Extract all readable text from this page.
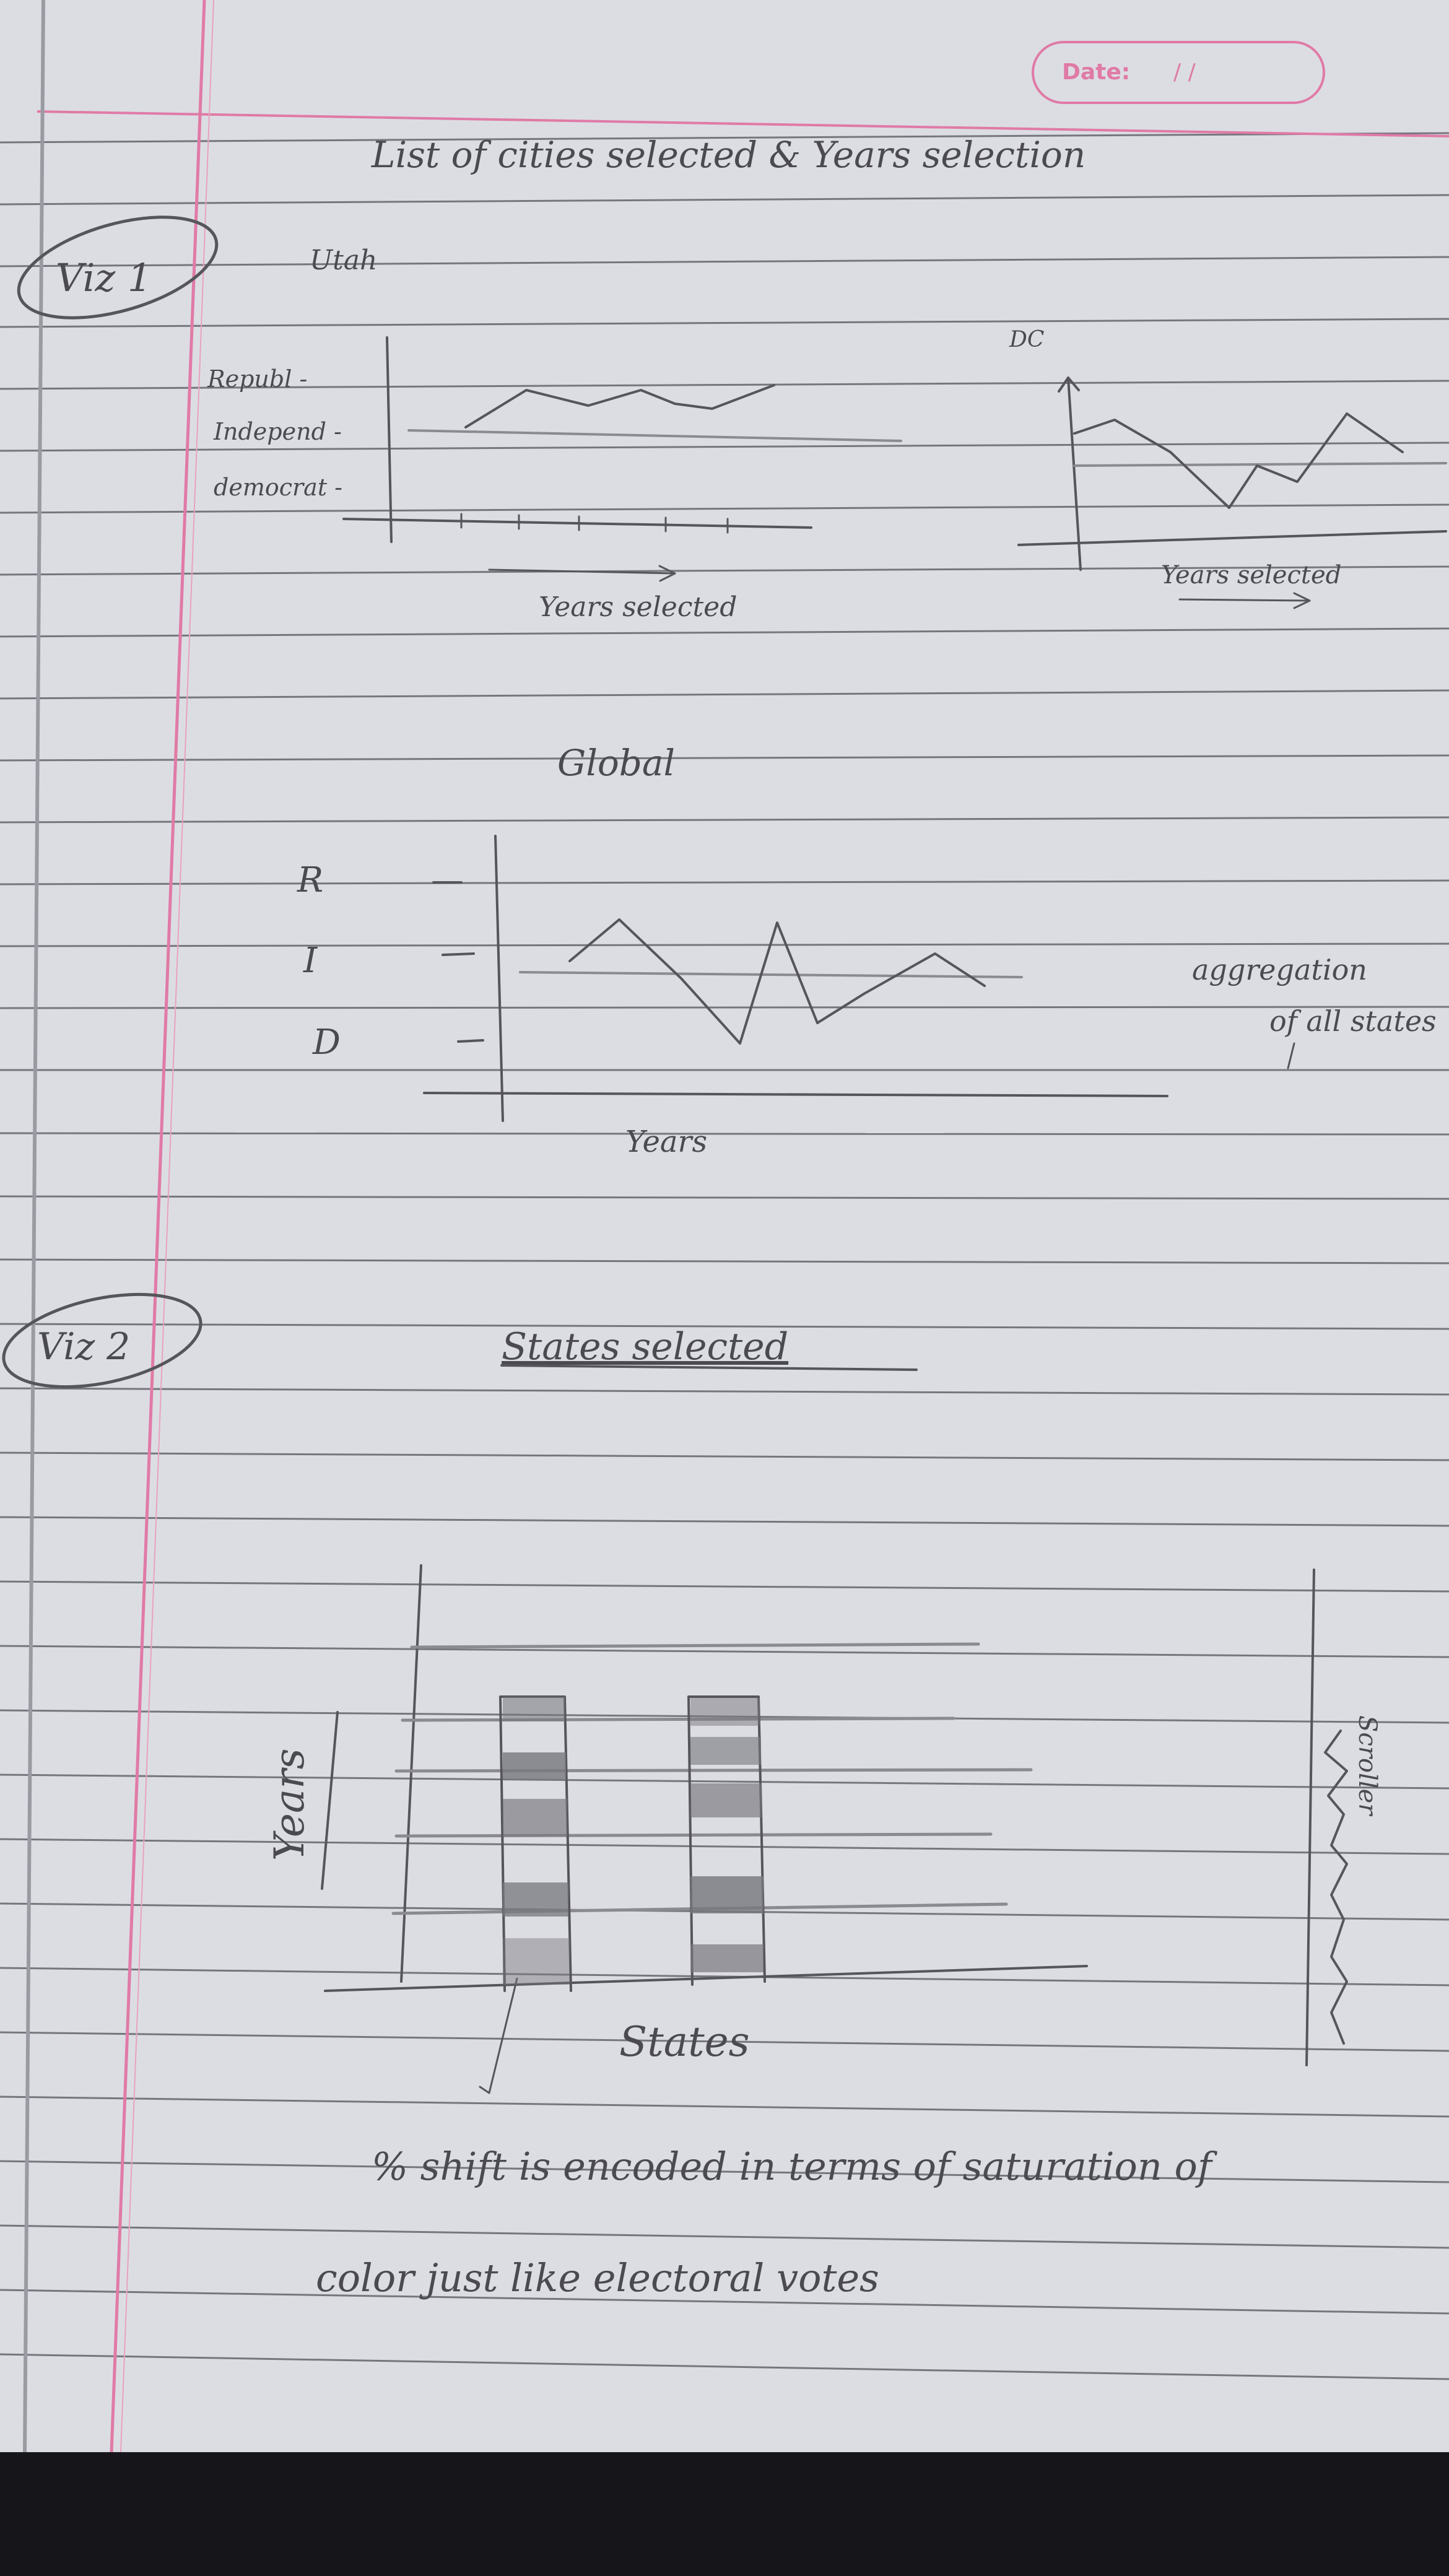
Date: / /
List of cities selected & Years selection
Viz 1	Utah
Republ -
Independ -
democrat -
Years selected
DC
Years selected
Global
R
I
D
Years
aggregation
of all states
Viz 2	States selected
Years
States
Scroller
% shift is encoded in terms of saturation of
color just like electoral votes
